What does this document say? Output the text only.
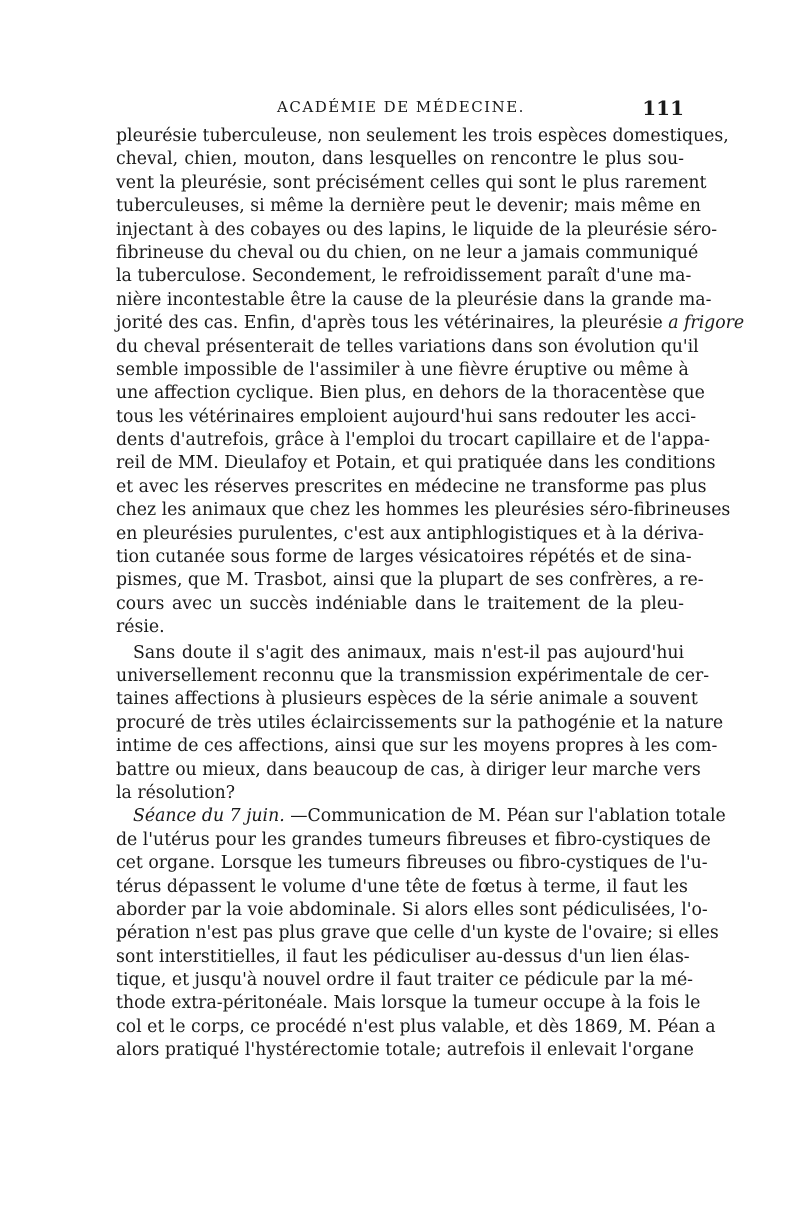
ACADÉMIE DE MÉDECINE.	111
pleurésie tuberculeuse, non seulement les trois espèces domestiques,
cheval, chien, mouton, dans lesquelles on rencontre le plus sou-
vent la pleurésie, sont précisément celles qui sont le plus rarement
tuberculeuses, si même la dernière peut le devenir; mais même en
injectant à des cobayes ou des lapins, le liquide de la pleurésie séro-
fibrineuse du cheval ou du chien, on ne leur a jamais communiqué
la tuberculose. Secondement, le refroidissement paraît d'une ma-
nière incontestable être la cause de la pleurésie dans la grande ma-
jorité des cas. Enfin, d'après tous les vétérinaires, la pleurésie a frigore
du cheval présenterait de telles variations dans son évolution qu'il
semble impossible de l'assimiler à une fièvre éruptive ou même à
une affection cyclique. Bien plus, en dehors de la thoracentèse que
tous les vétérinaires emploient aujourd'hui sans redouter les acci-
dents d'autrefois, grâce à l'emploi du trocart capillaire et de l'appa-
reil de MM. Dieulafoy et Potain, et qui pratiquée dans les conditions
et avec les réserves prescrites en médecine ne transforme pas plus
chez les animaux que chez les hommes les pleurésies séro-fibrineuses
en pleurésies purulentes, c'est aux antiphlogistiques et à la dériva-
tion cutanée sous forme de larges vésicatoires répétés et de sina-
pismes, que M. Trasbot, ainsi que la plupart de ses confrères, a re-
cours avec un succès indéniable dans le traitement de la pleu-
résie.
Sans doute il s'agit des animaux, mais n'est-il pas aujourd'hui
universellement reconnu que la transmission expérimentale de cer-
taines affections à plusieurs espèces de la série animale a souvent
procuré de très utiles éclaircissements sur la pathogénie et la nature
intime de ces affections, ainsi que sur les moyens propres à les com-
battre ou mieux, dans beaucoup de cas, à diriger leur marche vers
la résolution?
Séance du 7 juin. —Communication de M. Péan sur l'ablation totale
de l'utérus pour les grandes tumeurs fibreuses et fibro-cystiques de
cet organe. Lorsque les tumeurs fibreuses ou fibro-cystiques de l'u-
térus dépassent le volume d'une tête de fœtus à terme, il faut les
aborder par la voie abdominale. Si alors elles sont pédiculisées, l'o-
pération n'est pas plus grave que celle d'un kyste de l'ovaire; si elles
sont interstitielles, il faut les pédiculiser au-dessus d'un lien élas-
tique, et jusqu'à nouvel ordre il faut traiter ce pédicule par la mé-
thode extra-péritonéale. Mais lorsque la tumeur occupe à la fois le
col et le corps, ce procédé n'est plus valable, et dès 1869, M. Péan a
alors pratiqué l'hystérectomie totale; autrefois il enlevait l'organe
